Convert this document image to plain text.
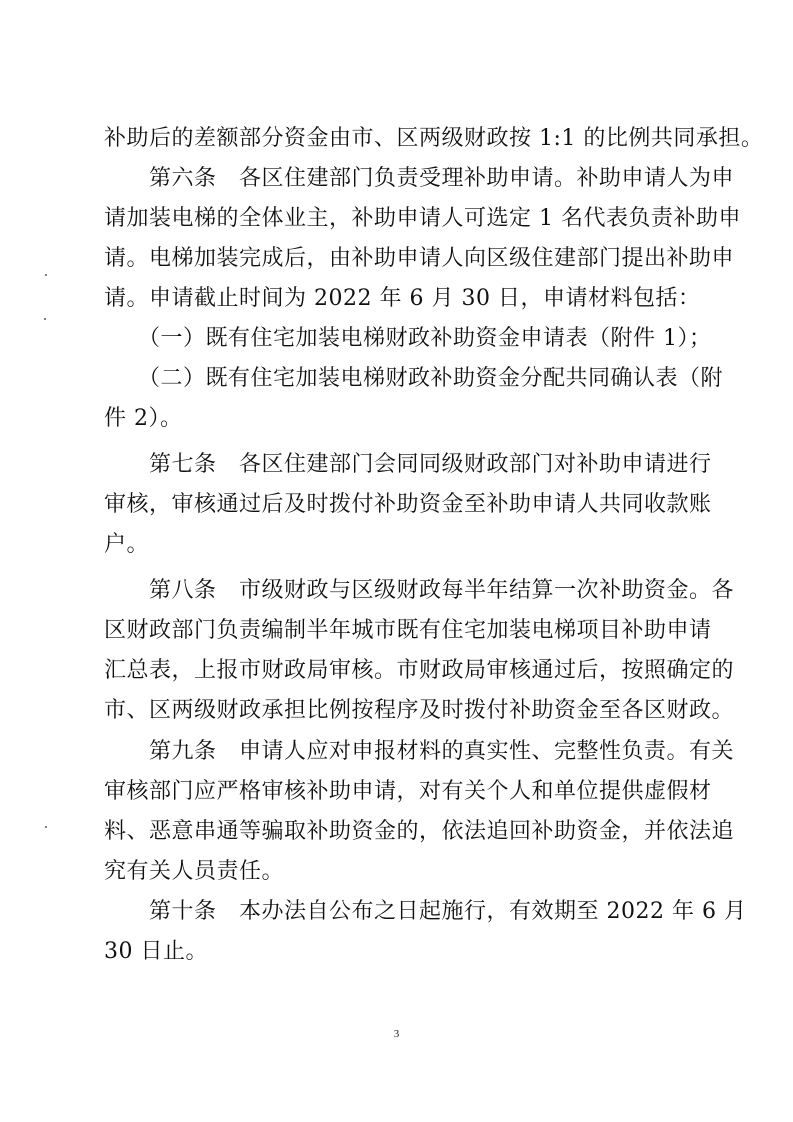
补助后的差额部分资金由市、区两级财政按 1:1 的比例共同承担。
　　第六条　各区住建部门负责受理补助申请。补助申请人为申
请加装电梯的全体业主，补助申请人可选定 1 名代表负责补助申
请。电梯加装完成后，由补助申请人向区级住建部门提出补助申
请。申请截止时间为 2022 年 6 月 30 日，申请材料包括：
　　（一）既有住宅加装电梯财政补助资金申请表（附件 1）；
　　（二）既有住宅加装电梯财政补助资金分配共同确认表（附
件 2）。
　　第七条　各区住建部门会同同级财政部门对补助申请进行
审核，审核通过后及时拨付补助资金至补助申请人共同收款账
户。
　　第八条　市级财政与区级财政每半年结算一次补助资金。各
区财政部门负责编制半年城市既有住宅加装电梯项目补助申请
汇总表，上报市财政局审核。市财政局审核通过后，按照确定的
市、区两级财政承担比例按程序及时拨付补助资金至各区财政。
　　第九条　申请人应对申报材料的真实性、完整性负责。有关
审核部门应严格审核补助申请，对有关个人和单位提供虚假材
料、恶意串通等骗取补助资金的，依法追回补助资金，并依法追
究有关人员责任。
　　第十条　本办法自公布之日起施行，有效期至 2022 年 6 月
30 日止。
3
